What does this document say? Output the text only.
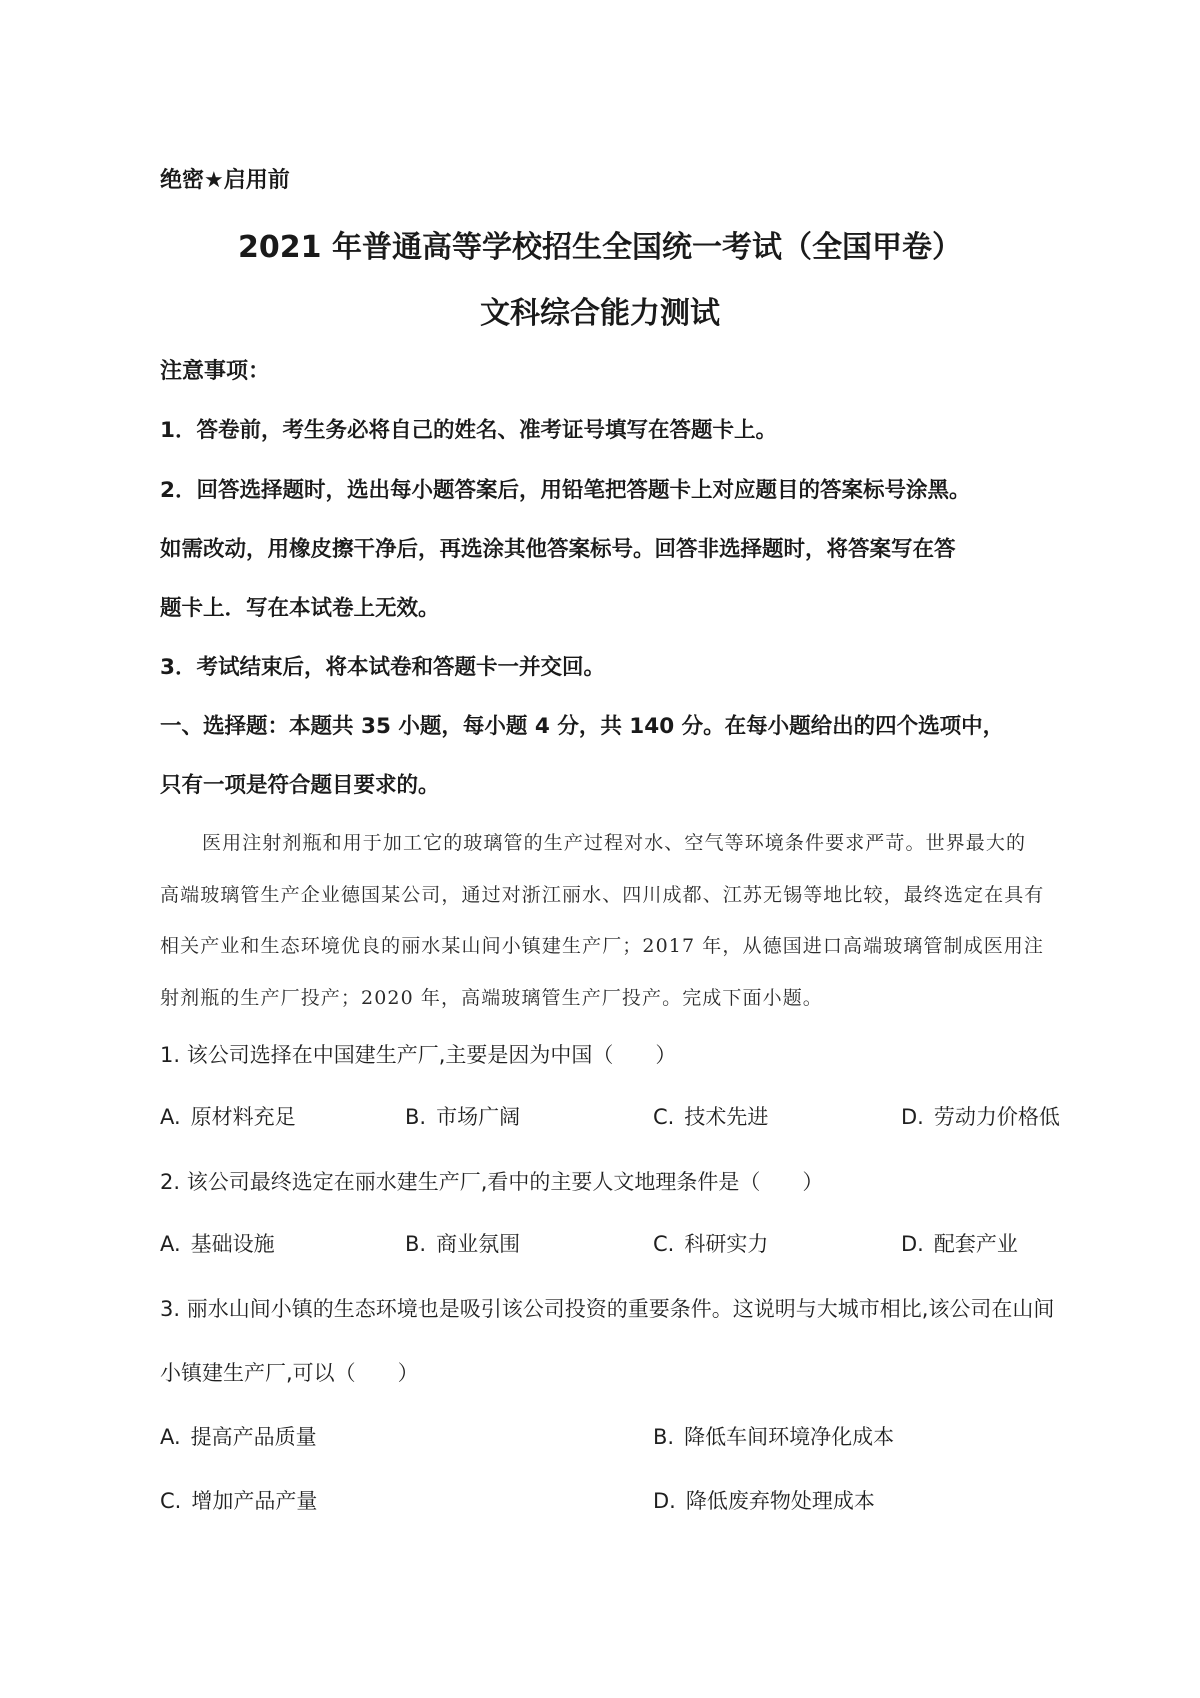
绝密★启用前
2021 年普通高等学校招生全国统一考试（全国甲卷）
文科综合能力测试
注意事项：
1．答卷前，考生务必将自己的姓名、准考证号填写在答题卡上。
2．回答选择题时，选出每小题答案后，用铅笔把答题卡上对应题目的答案标号涂黑。
如需改动，用橡皮擦干净后，再选涂其他答案标号。回答非选择题时，将答案写在答
题卡上．写在本试卷上无效。
3．考试结束后，将本试卷和答题卡一并交回。
一、选择题：本题共 35 小题，每小题 4 分，共 140 分。在每小题给出的四个选项中，
只有一项是符合题目要求的。
医用注射剂瓶和用于加工它的玻璃管的生产过程对水、空气等环境条件要求严苛。世界最大的
高端玻璃管生产企业德国某公司，通过对浙江丽水、四川成都、江苏无锡等地比较，最终选定在具有
相关产业和生态环境优良的丽水某山间小镇建生产厂；2017 年，从德国进口高端玻璃管制成医用注
射剂瓶的生产厂投产；2020 年，高端玻璃管生产厂投产。完成下面小题。
1. 该公司选择在中国建生产厂,主要是因为中国（　　）
A. 原材料充足	B. 市场广阔	C. 技术先进	D. 劳动力价格低
2. 该公司最终选定在丽水建生产厂,看中的主要人文地理条件是（　　）
A. 基础设施	B. 商业氛围	C. 科研实力	D. 配套产业
3. 丽水山间小镇的生态环境也是吸引该公司投资的重要条件。这说明与大城市相比,该公司在山间
小镇建生产厂,可以（　　）
A. 提高产品质量	B. 降低车间环境净化成本
C. 增加产品产量	D. 降低废弃物处理成本
